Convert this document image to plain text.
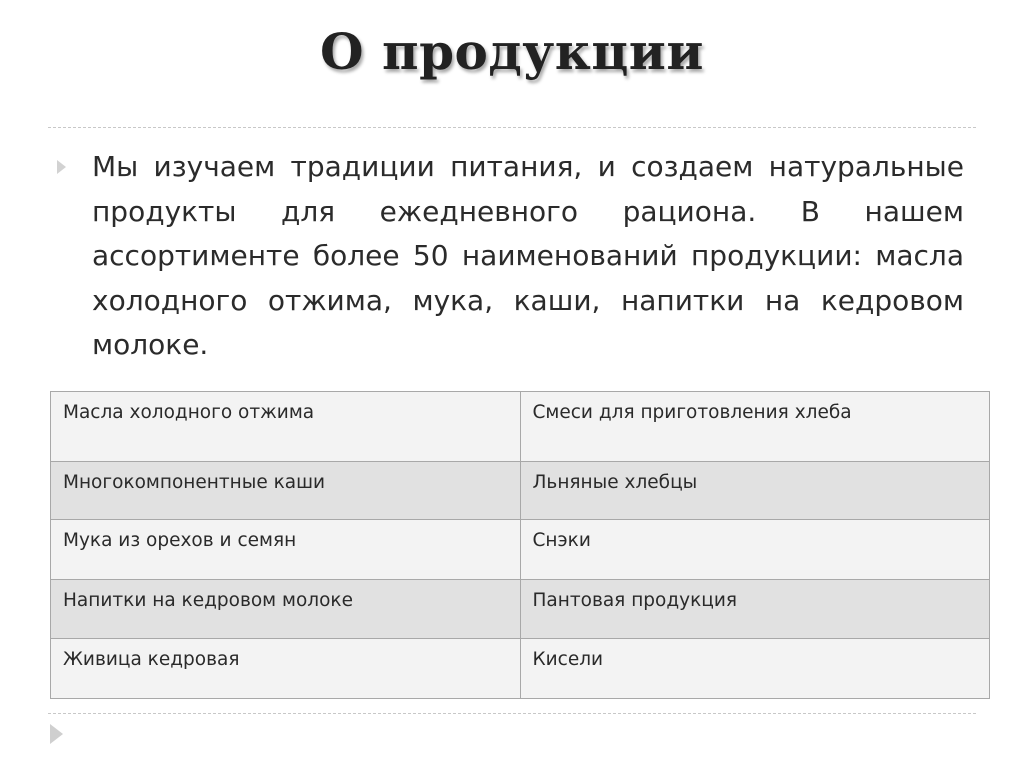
О продукции
Мы изучаем традиции питания, и создаем натуральные продукты для ежедневного рациона. В нашем ассортименте более 50 наименований продукции: масла холодного отжима, мука, каши, напитки на кедровом молоке.
Масла холодного отжима	Смеси для приготовления хлеба
Многокомпонентные каши	Льняные хлебцы
Мука из орехов и семян	Снэки
Напитки на кедровом молоке	Пантовая продукция
Живица кедровая	Кисели
